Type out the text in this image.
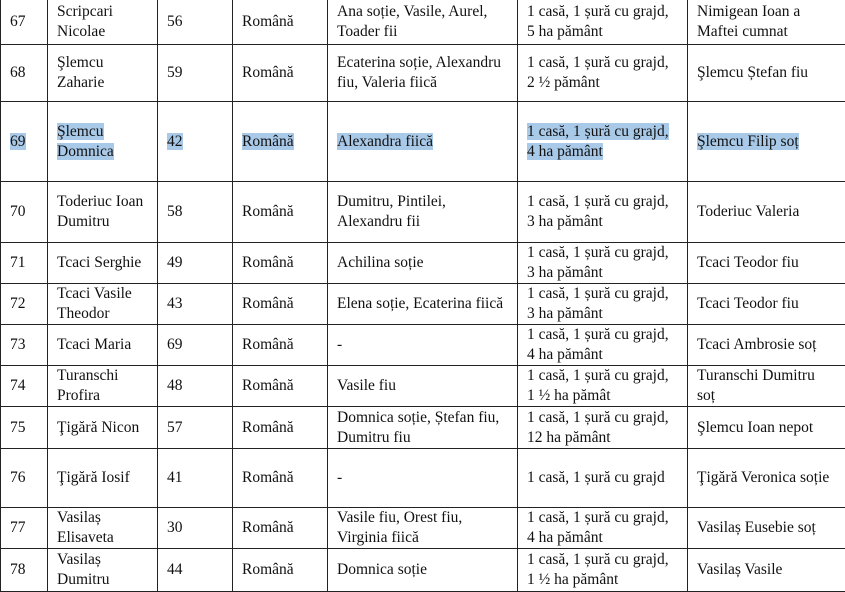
67	Scripcari Nicolae	56	Română	Ana soție, Vasile, Aurel, Toader fii	1 casă, 1 șură cu grajd, 5 ha pământ	Nimigean Ioan a Maftei cumnat
68	Şlemcu Zaharie	59	Română	Ecaterina soție, Alexandru fiu, Valeria fiică	1 casă, 1 șură cu grajd, 2 ½ pământ	Şlemcu Ștefan fiu
69	Şlemcu Domnica	42	Română	Alexandra fiică	1 casă, 1 șură cu grajd, 4 ha pământ	Şlemcu Filip soț
70	Toderiuc Ioan Dumitru	58	Română	Dumitru, Pintilei, Alexandru fii	1 casă, 1 șură cu grajd, 3 ha pământ	Toderiuc Valeria
71	Tcaci Serghie	49	Română	Achilina soție	1 casă, 1 șură cu grajd, 3 ha pământ	Tcaci Teodor fiu
72	Tcaci Vasile Theodor	43	Română	Elena soție, Ecaterina fiică	1 casă, 1 șură cu grajd, 3 ha pământ	Tcaci Teodor fiu
73	Tcaci Maria	69	Română	-	1 casă, 1 șură cu grajd, 4 ha pământ	Tcaci Ambrosie soț
74	Turanschi Profira	48	Română	Vasile fiu	1 casă, 1 șură cu grajd, 1 ½ ha pămât	Turanschi Dumitru soț
75	Ţigără Nicon	57	Română	Domnica soție, Ștefan fiu, Dumitru fiu	1 casă, 1 șură cu grajd, 12 ha pământ	Şlemcu Ioan nepot
76	Ţigără Iosif	41	Română	-	1 casă, 1 șură cu grajd	Ţigără Veronica soție
77	Vasilaș Elisaveta	30	Română	Vasile fiu, Orest fiu, Virginia fiică	1 casă, 1 șură cu grajd, 4 ha pământ	Vasilaș Eusebie soț
78	Vasilaș Dumitru	44	Română	Domnica soție	1 casă, 1 șură cu grajd, 1 ½ ha pământ	Vasilaș Vasile
